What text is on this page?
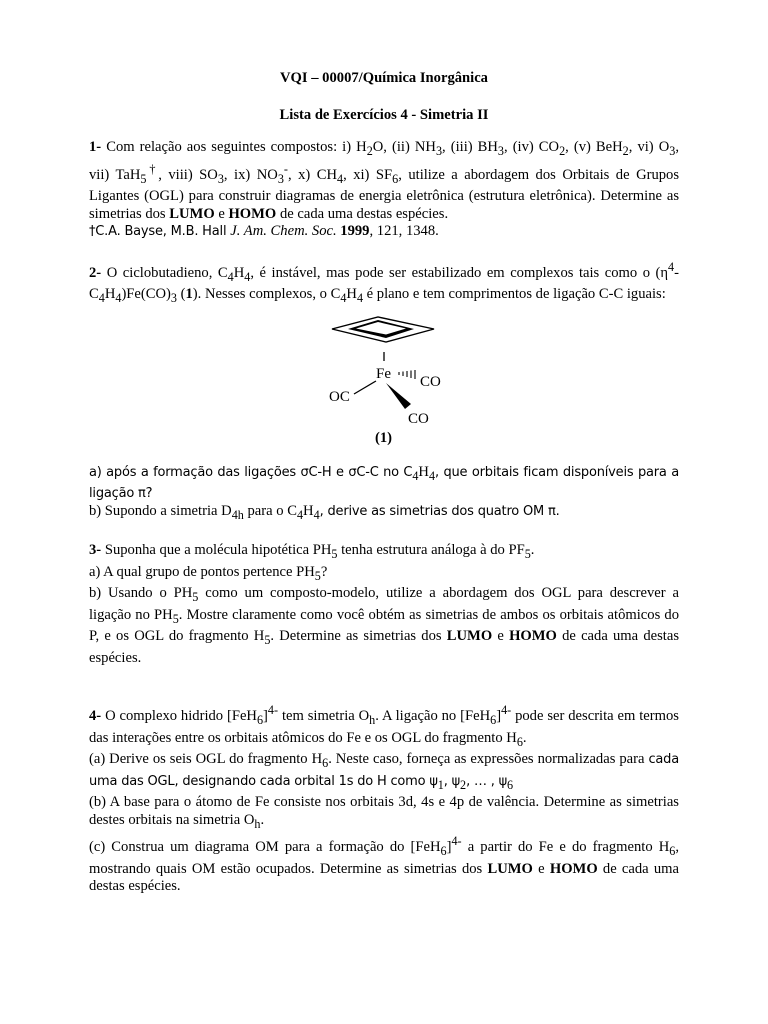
VQI – 00007/Química Inorgânica

Lista de Exercícios 4 - Simetria II

1- Com relação aos seguintes compostos: i) $H_2O$, (ii) $NH_3$, (iii) $BH_3$, (iv) $CO_2$, (v) BeH$_2$, vi) $O_3$, vii) TaH$_5$†, viii) $SO_3$, ix) $NO_3^-$, x) $CH_4$, xi) $SF_6$, utilize a abordagem dos Orbitais de Grupos Ligantes (OGL) para construir diagramas de energia eletrônica (estrutura eletrônica). Determine as simetrias dos LUMO e HOMO de cada uma destas espécies.

†C.A. Bayse, M.B. Hall J. Am. Chem. Soc. 1999, 121, 1348.

2- O ciclobutadieno, $C_4H_4$, é instável, mas pode ser estabilizado em complexos tais como o $(\eta^4-C_4H_4)Fe(CO)_3$ (1). Nesses complexos, o $C_4H_4$ é plano e tem comprimentos de ligação C-C iguais:

Fe CO
OC
CO
(1)

a) após a formação das ligações σC-H e σC-C no $C_4H_4$, que orbitais ficam disponíveis para a ligação π?

b) Supondo a simetria $D_{4h}$ para o $C_4H_4$, derive as simetrias dos quatro OM π.

3- Suponha que a molécula hipotética $PH_5$ tenha estrutura análoga à do $PF_5$.

a) A qual grupo de pontos pertence $PH_5$?

b) Usando o $PH_5$ como um composto-modelo, utilize a abordagem dos OGL para descrever a ligação no $PH_5$. Mostre claramente como você obtém as simetrias de ambos os orbitais atômicos do P, e os OGL do fragmento $H_5$. Determine as simetrias dos LUMO e HOMO de cada uma destas espécies.

4- O complexo hidrido $[FeH_6]^{4-}$ tem simetria $O_h$. A ligação no $[FeH_6]^{4-}$ pode ser descrita em termos das interações entre os orbitais atômicos do Fe e os OGL do fragmento $H_6$.

(a) Derive os seis OGL do fragmento $H_6$. Neste caso, forneça as expressões normalizadas para cada uma das OGL, designando cada orbital 1s do H como $\psi_1$, $\psi_2$, … , $\psi_6$

(b) A base para o átomo de Fe consiste nos orbitais 3d, 4s e 4p de valência. Determine as simetrias destes orbitais na simetria $O_h$.

(c) Construa um diagrama OM para a formação do $[FeH_6]^{4-}$ a partir do Fe e do fragmento $H_6$, mostrando quais OM estão ocupados. Determine as simetrias dos LUMO e HOMO de cada uma destas espécies.
